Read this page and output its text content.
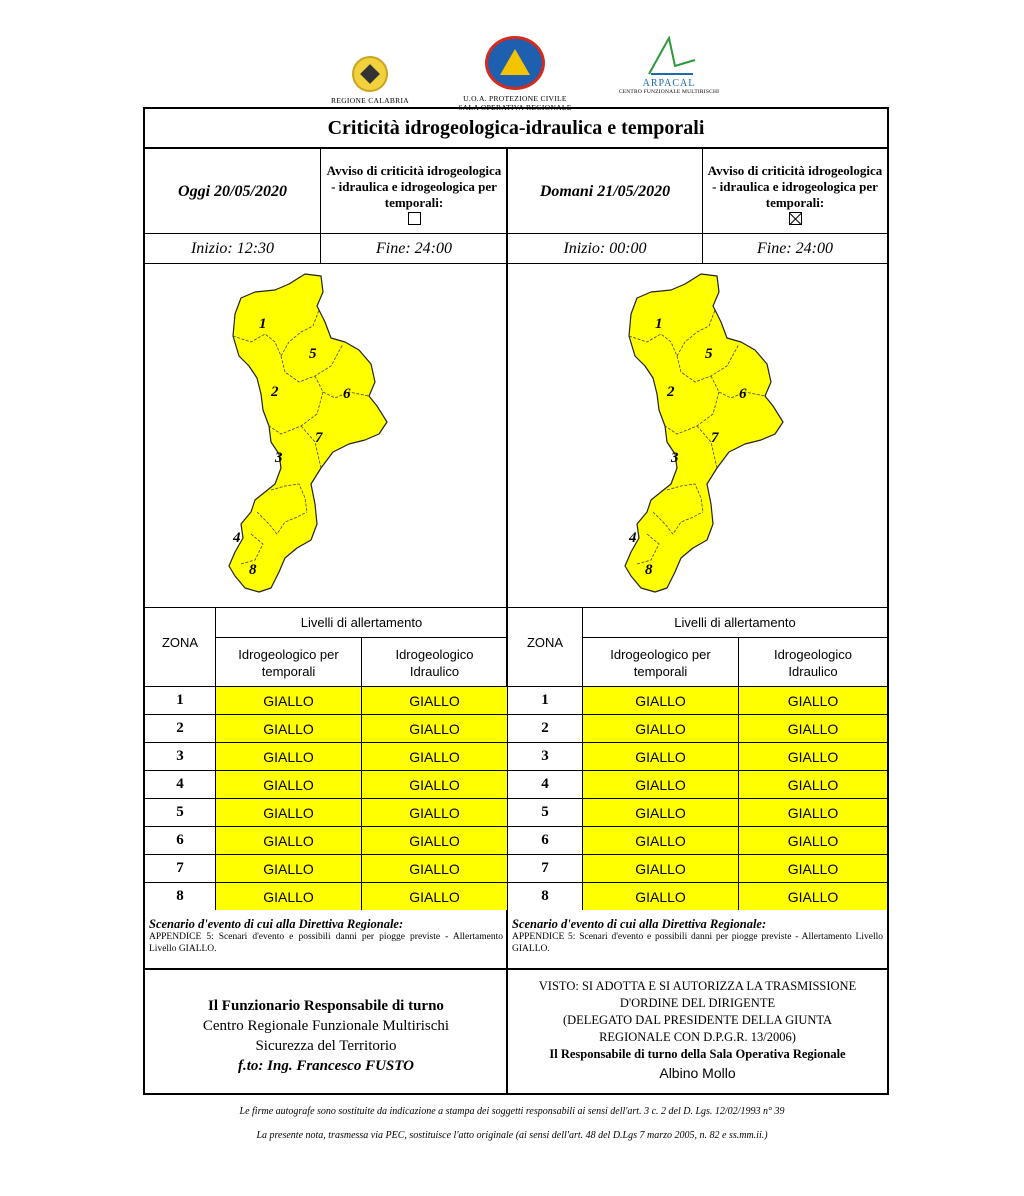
REGIONE CALABRIA	U.O.A. PROTEZIONE CIVILE
SALA OPERATIVA REGIONALE
ARPACAL
CENTRO FUNZIONALE MULTIRISCHI
Criticità idrogeologica-idraulica e temporali
Oggi 20/05/2020
Avviso di criticità idrogeologica - idraulica e idrogeologica per temporali:
Inizio: 12:30	Fine: 24:00
1
2
3
4
5
6
7
8
ZONA
Livelli di allertamento
Idrogeologico per
temporali
Idrogeologico
Idraulico
1	GIALLO	GIALLO
2	GIALLO	GIALLO
3	GIALLO	GIALLO
4	GIALLO	GIALLO
5	GIALLO	GIALLO
6	GIALLO	GIALLO
7	GIALLO	GIALLO
8	GIALLO	GIALLO
Scenario d'evento di cui alla Direttiva Regionale:
APPENDICE 5: Scenari d'evento e possibili danni per piogge previste - Allertamento Livello GIALLO.
Il Funzionario Responsabile di turno
Centro Regionale Funzionale Multirischi
Sicurezza del Territorio
f.to: Ing. Francesco FUSTO
Domani 21/05/2020
Avviso di criticità idrogeologica - idraulica e idrogeologica per temporali:
Inizio: 00:00	Fine: 24:00
1
2
3
4
5
6
7
8
ZONA
Livelli di allertamento
Idrogeologico per
temporali
Idrogeologico
Idraulico
1	GIALLO	GIALLO
2	GIALLO	GIALLO
3	GIALLO	GIALLO
4	GIALLO	GIALLO
5	GIALLO	GIALLO
6	GIALLO	GIALLO
7	GIALLO	GIALLO
8	GIALLO	GIALLO
Scenario d'evento di cui alla Direttiva Regionale:
APPENDICE 5: Scenari d'evento e possibili danni per piogge previste - Allertamento Livello GIALLO.
VISTO: SI ADOTTA E SI AUTORIZZA LA TRASMISSIONE
D'ORDINE DEL DIRIGENTE
(DELEGATO DAL PRESIDENTE DELLA GIUNTA
REGIONALE CON D.P.G.R. 13/2006)
Il Responsabile di turno della Sala Operativa Regionale
Albino Mollo
Le firme autografe sono sostituite da indicazione a stampa dei soggetti responsabili ai sensi dell'art. 3 c. 2 del D. Lgs. 12/02/1993 n° 39
La presente nota, trasmessa via PEC, sostituisce l'atto originale (ai sensi dell'art. 48 del D.Lgs 7 marzo 2005, n. 82 e ss.mm.ii.)
